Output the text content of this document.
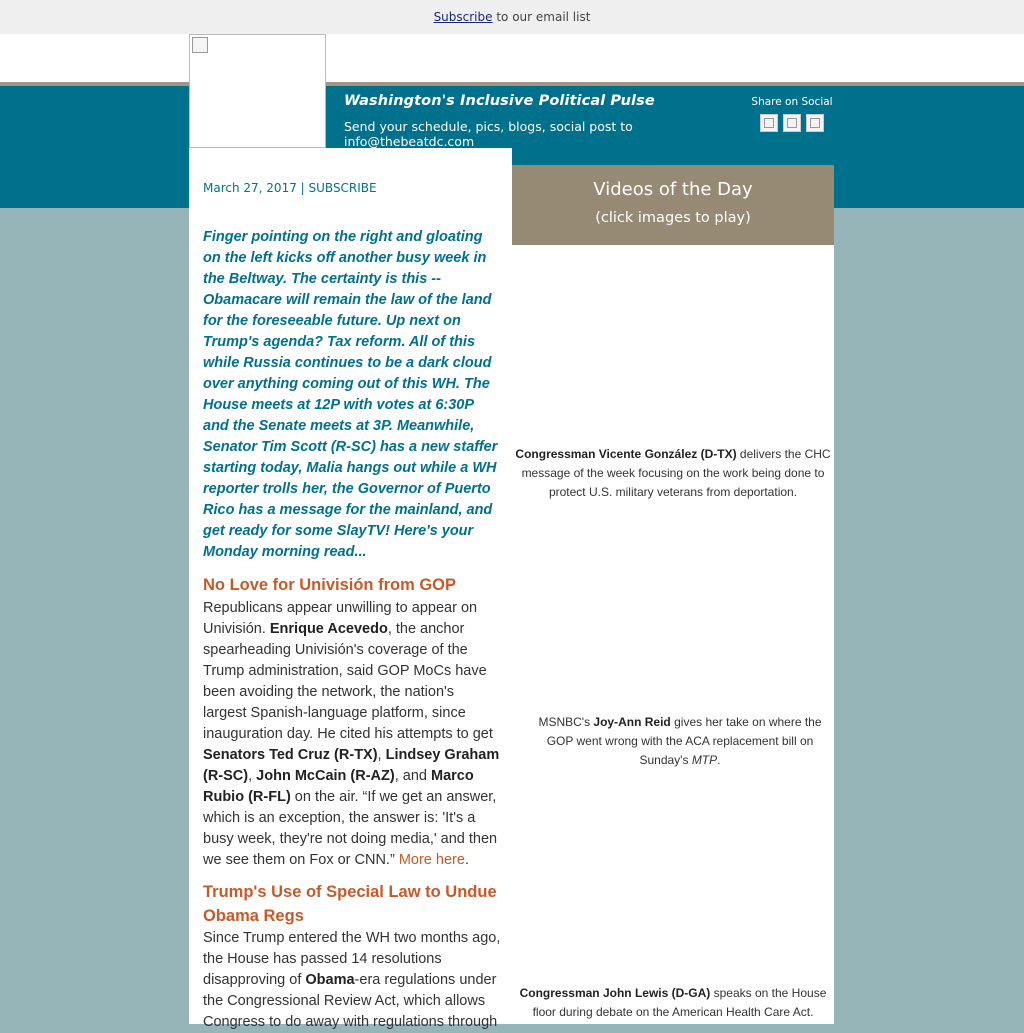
Subscribe to our email list
Washington's Inclusive Political Pulse
Send your schedule, pics, blogs, social post to info@thebeatdc.com
Share on Social
March 27, 2017 | SUBSCRIBE
Finger pointing on the right and gloating on the left kicks off another busy week in the Beltway. The certainty is this -- Obamacare will remain the law of the land for the foreseeable future. Up next on Trump's agenda? Tax reform. All of this while Russia continues to be a dark cloud over anything coming out of this WH. The House meets at 12P with votes at 6:30P and the Senate meets at 3P. Meanwhile, Senator Tim Scott (R-SC) has a new staffer starting today, Malia hangs out while a WH reporter trolls her, the Governor of Puerto Rico has a message for the mainland, and get ready for some SlayTV! Here's your Monday morning read...
No Love for Univisión from GOP

Republicans appear unwilling to appear on Univisión. Enrique Acevedo, the anchor spearheading Univisión's coverage of the Trump administration, said GOP MoCs have been avoiding the network, the nation's largest Spanish-language platform, since inauguration day. He cited his attempts to get Senators Ted Cruz (R-TX), Lindsey Graham (R-SC), John McCain (R-AZ), and Marco Rubio (R-FL) on the air. “If we get an answer, which is an exception, the answer is: 'It's a busy week, they're not doing media,' and then we see them on Fox or CNN.” More here.

Trump's Use of Special Law to Undue Obama Regs

Since Trump entered the WH two months ago, the House has passed 14 resolutions disapproving of Obama-era regulations under the Congressional Review Act, which allows Congress to do away with regulations through

Videos of the Day
(click images to play)
Congressman Vicente González (D-TX) delivers the CHC message of the week focusing on the work being done to protect U.S. military veterans from deportation.
MSNBC's Joy-Ann Reid gives her take on where the GOP went wrong with the ACA replacement bill on Sunday's MTP.
Congressman John Lewis (D-GA) speaks on the House floor during debate on the American Health Care Act.
